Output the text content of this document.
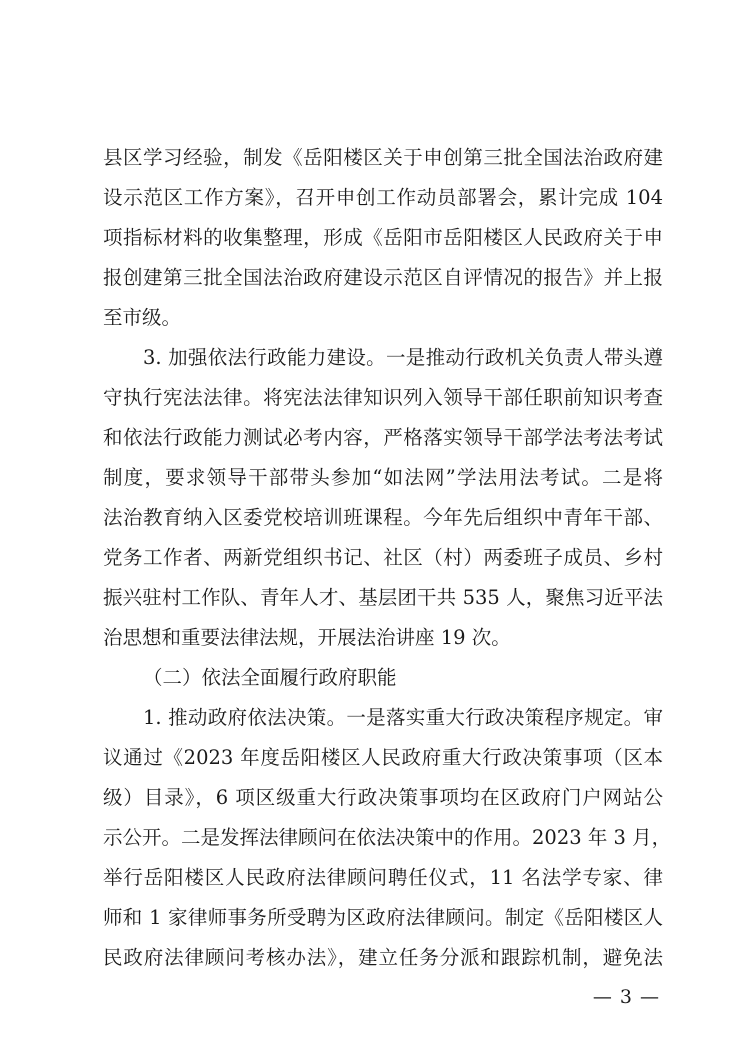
县区学习经验，制发《岳阳楼区关于申创第三批全国法治政府建
设示范区工作方案》，召开申创工作动员部署会，累计完成 104
项指标材料的收集整理，形成《岳阳市岳阳楼区人民政府关于申
报创建第三批全国法治政府建设示范区自评情况的报告》并上报
至市级。
3. 加强依法行政能力建设。一是推动行政机关负责人带头遵
守执行宪法法律。将宪法法律知识列入领导干部任职前知识考查
和依法行政能力测试必考内容，严格落实领导干部学法考法考试
制度，要求领导干部带头参加“如法网”学法用法考试。二是将
法治教育纳入区委党校培训班课程。今年先后组织中青年干部、
党务工作者、两新党组织书记、社区（村）两委班子成员、乡村
振兴驻村工作队、青年人才、基层团干共 535 人，聚焦习近平法
治思想和重要法律法规，开展法治讲座 19 次。
（二）依法全面履行政府职能
1. 推动政府依法决策。一是落实重大行政决策程序规定。审
议通过《2023 年度岳阳楼区人民政府重大行政决策事项（区本
级）目录》，6 项区级重大行政决策事项均在区政府门户网站公
示公开。二是发挥法律顾问在依法决策中的作用。2023 年 3 月，
举行岳阳楼区人民政府法律顾问聘任仪式，11 名法学专家、律
师和 1 家律师事务所受聘为区政府法律顾问。制定《岳阳楼区人
民政府法律顾问考核办法》，建立任务分派和跟踪机制，避免法
— 3 —
